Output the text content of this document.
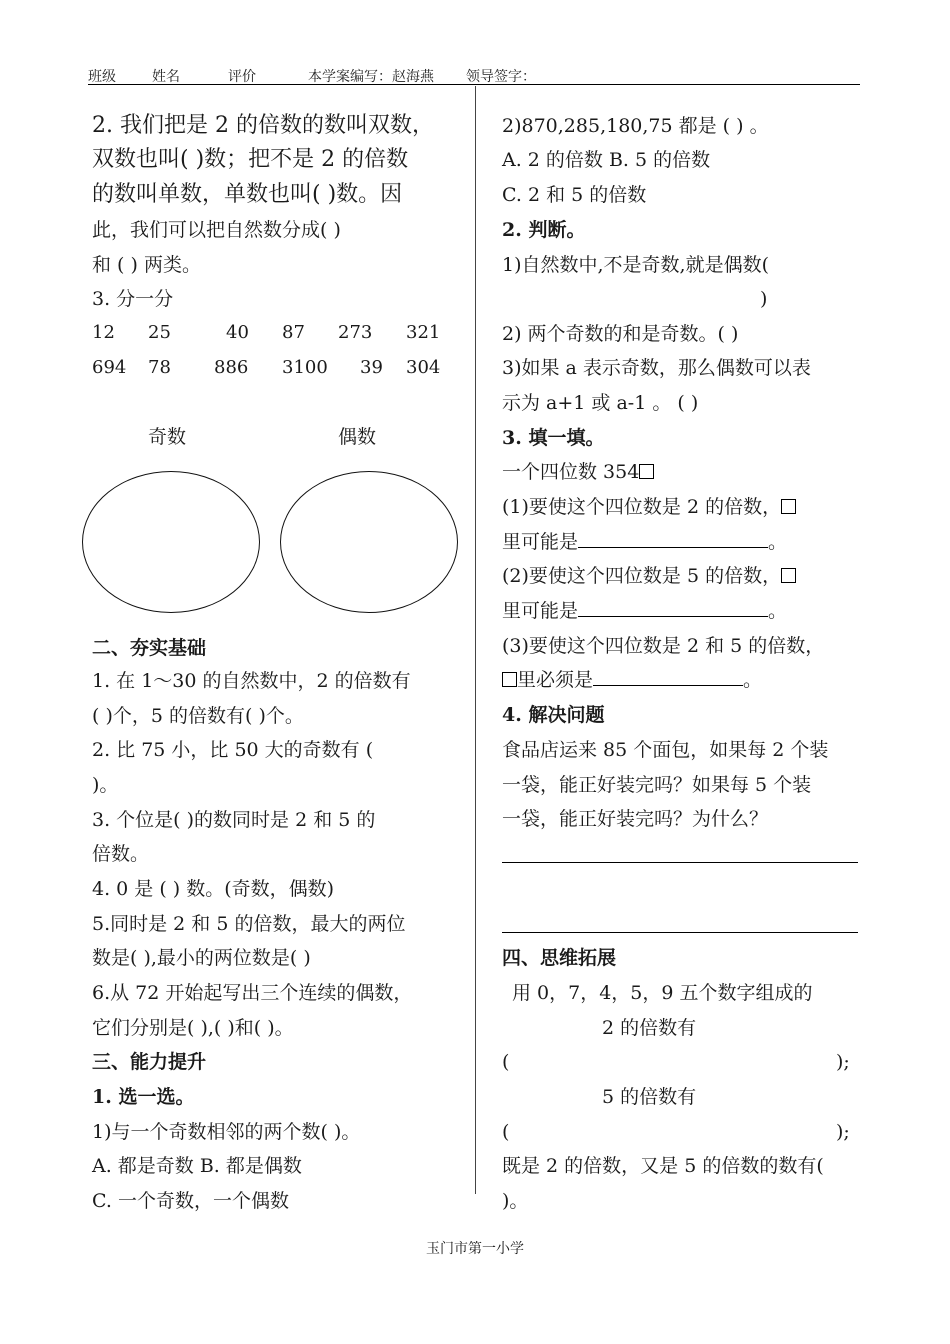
班级	姓名	评价	本学案编写：赵海燕 领导签字：
2. 我们把是 2 的倍数的数叫双数，
双数也叫( )数；把不是 2 的倍数
的数叫单数，单数也叫( )数。因
此，我们可以把自然数分成( )
和 ( ) 两类。
3. 分一分
12 25	40 87 273 321
694 78 886 3100 39 304
奇数	偶数
二、夯实基础
1. 在 1～30 的自然数中，2 的倍数有
( )个，5 的倍数有( )个。
2. 比 75 小，比 50 大的奇数有 (
)。
3. 个位是( )的数同时是 2 和 5 的
倍数。
4. 0 是 ( ) 数。(奇数，偶数)
5.同时是 2 和 5 的倍数，最大的两位
数是( ),最小的两位数是( )
6.从 72 开始起写出三个连续的偶数，
它们分别是( ),( )和( )。
三、能力提升
1. 选一选。
1)与一个奇数相邻的两个数( )。
A. 都是奇数 B. 都是偶数
C. 一个奇数，一个偶数
2)870,285,180,75 都是 ( ) 。
A. 2 的倍数 B. 5 的倍数
C. 2 和 5 的倍数
2. 判断。
1)自然数中,不是奇数,就是偶数(
)
2) 两个奇数的和是奇数。( )
3)如果 a 表示奇数，那么偶数可以表
示为 a+1 或 a-1 。 ( )
3. 填一填。
一个四位数 354
(1)要使这个四位数是 2 的倍数，
里可能是	。
(2)要使这个四位数是 5 的倍数，
里可能是	。
(3)要使这个四位数是 2 和 5 的倍数，
里必须是	。
4. 解决问题
食品店运来 85 个面包，如果每 2 个装
一袋，能正好装完吗？如果每 5 个装
一袋，能正好装完吗？为什么？
四、思维拓展
用 0，7，4，5，9 五个数字组成的
2 的倍数有
(	);
5 的倍数有
(	);
既是 2 的倍数，又是 5 的倍数的数有(
)。
玉门市第一小学
